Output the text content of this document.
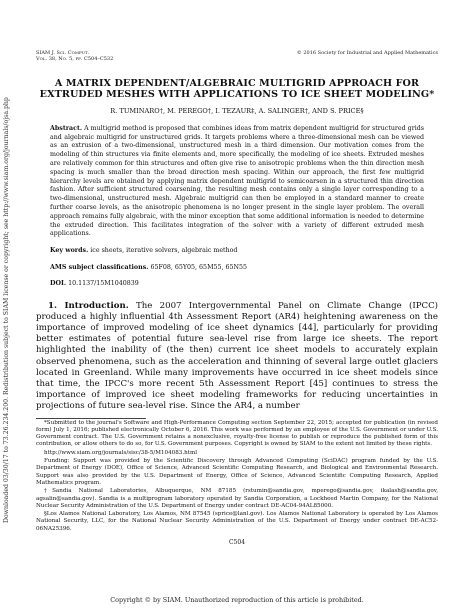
Downloaded 03/30/17 to 73.26.234.200. Redistribution subject to SIAM license or copyright; see http://www.siam.org/journals/ojsa.php
SIAM J. Sci. Comput.
Vol. 38, No. 5, pp. C504–C532
© 2016 Society for Industrial and Applied Mathematics
A MATRIX DEPENDENT/ALGEBRAIC MULTIGRID APPROACH FOR EXTRUDED MESHES WITH APPLICATIONS TO ICE SHEET MODELING*
R. TUMINARO†, M. PEREGO†, I. TEZAUR‡, A. SALINGER†, AND S. PRICE§
Abstract. A multigrid method is proposed that combines ideas from matrix dependent multigrid for structured grids and algebraic multigrid for unstructured grids. It targets problems where a three-dimensional mesh can be viewed as an extrusion of a two-dimensional, unstructured mesh in a third dimension. Our motivation comes from the modeling of thin structures via finite elements and, more specifically, the modeling of ice sheets. Extruded meshes are relatively common for thin structures and often give rise to anisotropic problems when the thin direction mesh spacing is much smaller than the broad direction mesh spacing. Within our approach, the first few multigrid hierarchy levels are obtained by applying matrix dependent multigrid to semicoarsen in a structured thin direction fashion. After sufficient structured coarsening, the resulting mesh contains only a single layer corresponding to a two-dimensional, unstructured mesh. Algebraic multigrid can then be employed in a standard manner to create further coarse levels, as the anisotropic phenomena is no longer present in the single layer problem. The overall approach remains fully algebraic, with the minor exception that some additional information is needed to determine the extruded direction. This facilitates integration of the solver with a variety of different extruded mesh applications.
Key words. ice sheets, iterative solvers, algebraic method
AMS subject classifications. 65F08, 65Y05, 65M55, 65N55
DOI. 10.1137/15M1040839
1. Introduction. The 2007 Intergovernmental Panel on Climate Change (IPCC) produced a highly influential 4th Assessment Report (AR4) heightening awareness on the importance of improved modeling of ice sheet dynamics [44], particularly for providing better estimates of potential future sea-level rise from large ice sheets. The report highlighted the inability of (the then) current ice sheet models to accurately explain observed phenomena, such as the acceleration and thinning of several large outlet glaciers located in Greenland. While many improvements have occurred in ice sheet models since that time, the IPCC's more recent 5th Assessment Report [45] continues to stress the importance of improved ice sheet modeling frameworks for reducing uncertainties in projections of future sea-level rise. Since the AR4, a number
*Submitted to the journal's Software and High-Performance Computing section September 22, 2015; accepted for publication (in revised form) July 1, 2016; published electronically October 6, 2016. This work was performed by an employee of the U.S. Government or under U.S. Government contract. The U.S. Government retains a nonexclusive, royalty-free license to publish or reproduce the published form of this contribution, or allow others to do so, for U.S. Government purposes. Copyright is owned by SIAM to the extent not limited by these rights.
http://www.siam.org/journals/sisc/38-5/M104083.html
Funding: Support was provided by the Scientific Discovery through Advanced Computing (SciDAC) program funded by the U.S. Department of Energy (DOE), Office of Science, Advanced Scientific Computing Research, and Biological and Environmental Research. Support was also provided by the U.S. Department of Energy, Office of Science, Advanced Scientific Computing Research, Applied Mathematics program.
†Sandia National Laboratories, Albuquerque, NM 87185 (rstumin@sandia.gov, mperego@sandia.gov, ikalash@sandia.gov, agsalin@sandia.gov). Sandia is a multiprogram laboratory operated by Sandia Corporation, a Lockheed Martin Company, for the National Nuclear Security Administration of the U.S. Department of Energy under contract DE-AC04-94AL85000.
§Los Alamos National Laboratory, Los Alamos, NM 87545 (sprice@lanl.gov). Los Alamos National Laboratory is operated by Los Alamos National Security, LLC, for the National Nuclear Security Administration of the U.S. Department of Energy under contract DE-AC52-06NA25396.
C504
Copyright © by SIAM. Unauthorized reproduction of this article is prohibited.
